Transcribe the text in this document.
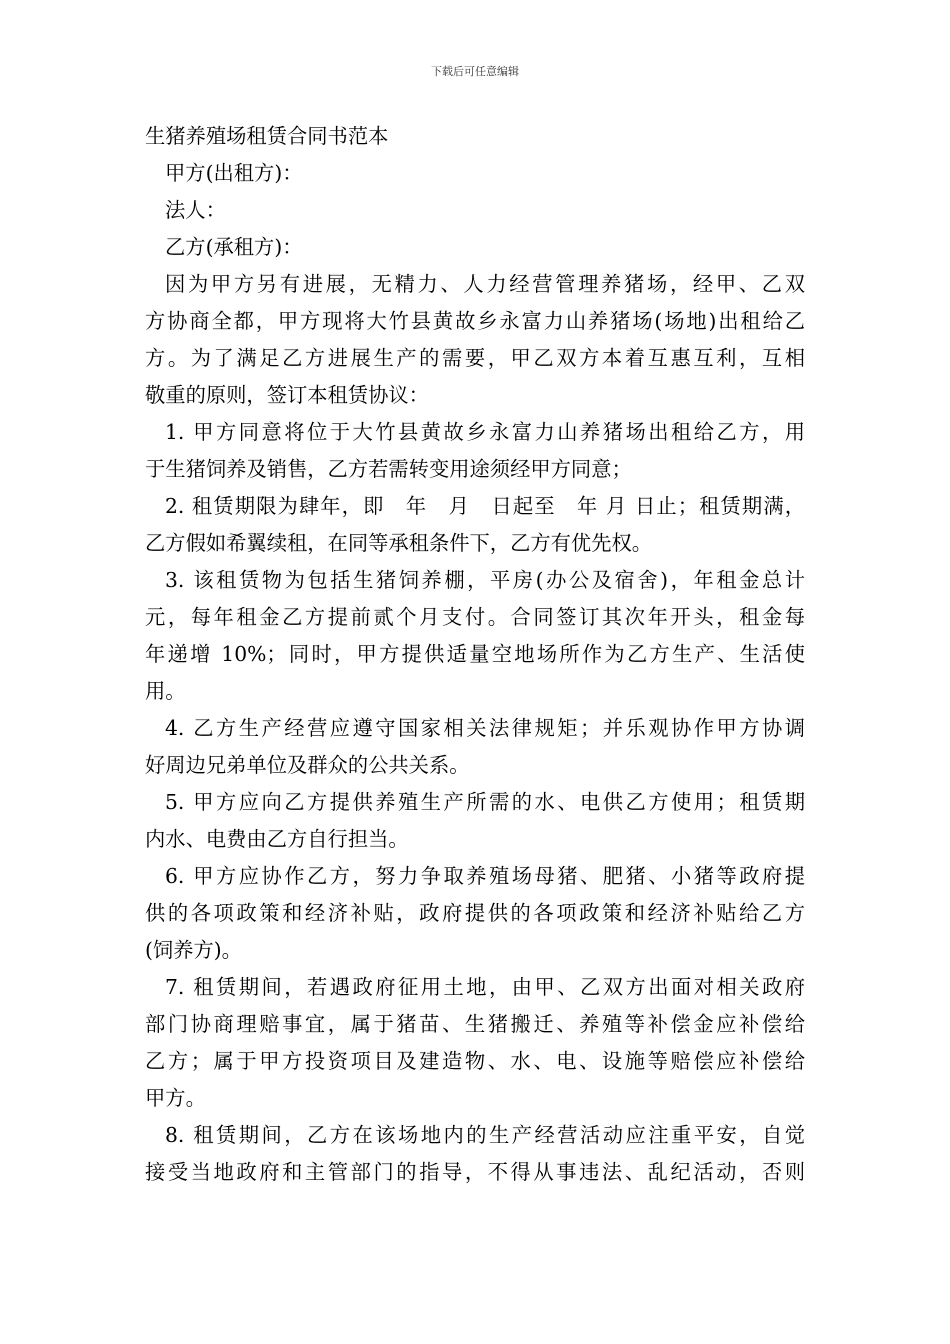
下载后可任意编辑
生猪养殖场租赁合同书范本
甲方(出租方)：
法人：
乙方(承租方)：
因为甲方另有进展，无精力、人力经营管理养猪场，经甲、乙双
方协商全都，甲方现将大竹县黄故乡永富力山养猪场(场地)出租给乙
方。为了满足乙方进展生产的需要，甲乙双方本着互惠互利，互相
敬重的原则，签订本租赁协议：
1. 甲方同意将位于大竹县黄故乡永富力山养猪场出租给乙方，用
于生猪饲养及销售，乙方若需转变用途须经甲方同意；
2. 租赁期限为肆年，即　年　月　日起至　年 月 日止；租赁期满，
乙方假如希翼续租，在同等承租条件下，乙方有优先权。
3. 该租赁物为包括生猪饲养棚，平房(办公及宿舍)，年租金总计
元，每年租金乙方提前贰个月支付。合同签订其次年开头，租金每
年递增 10%；同时，甲方提供适量空地场所作为乙方生产、生活使
用。
4. 乙方生产经营应遵守国家相关法律规矩；并乐观协作甲方协调
好周边兄弟单位及群众的公共关系。
5. 甲方应向乙方提供养殖生产所需的水、电供乙方使用；租赁期
内水、电费由乙方自行担当。
6. 甲方应协作乙方，努力争取养殖场母猪、肥猪、小猪等政府提
供的各项政策和经济补贴，政府提供的各项政策和经济补贴给乙方
(饲养方)。
7. 租赁期间，若遇政府征用土地，由甲、乙双方出面对相关政府
部门协商理赔事宜，属于猪苗、生猪搬迁、养殖等补偿金应补偿给
乙方；属于甲方投资项目及建造物、水、电、设施等赔偿应补偿给
甲方。
8. 租赁期间，乙方在该场地内的生产经营活动应注重平安，自觉
接受当地政府和主管部门的指导，不得从事违法、乱纪活动，否则
